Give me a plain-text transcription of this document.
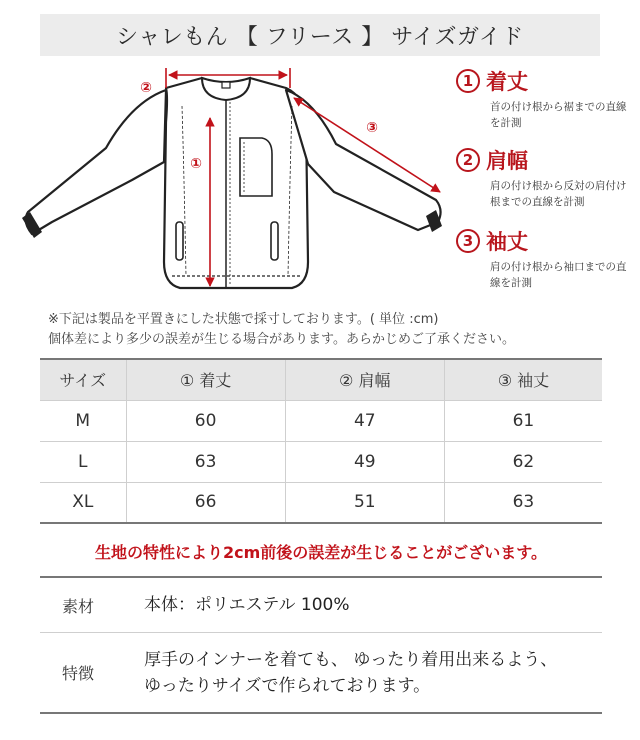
シャレもん 【 フリース 】 サイズガイド
②
③
①
1 着丈
首の付け根から裾までの直線を計測
2 肩幅
肩の付け根から反対の肩付け根までの直線を計測
3 袖丈
肩の付け根から袖口までの直線を計測
※下記は製品を平置きにした状態で採寸しております。( 単位 :cm)
個体差により多少の誤差が生じる場合があります。あらかじめご了承ください。
サイズ	① 着丈	② 肩幅	③ 袖丈
M	60	47	61
L	63	49	62
XL	66	51	63
生地の特性により2cm前後の誤差が生じることがございます。
素材	本体：ポリエステル 100%
特徴
厚手のインナーを着ても、 ゆったり着用出来るよう、
ゆったりサイズで作られております。
